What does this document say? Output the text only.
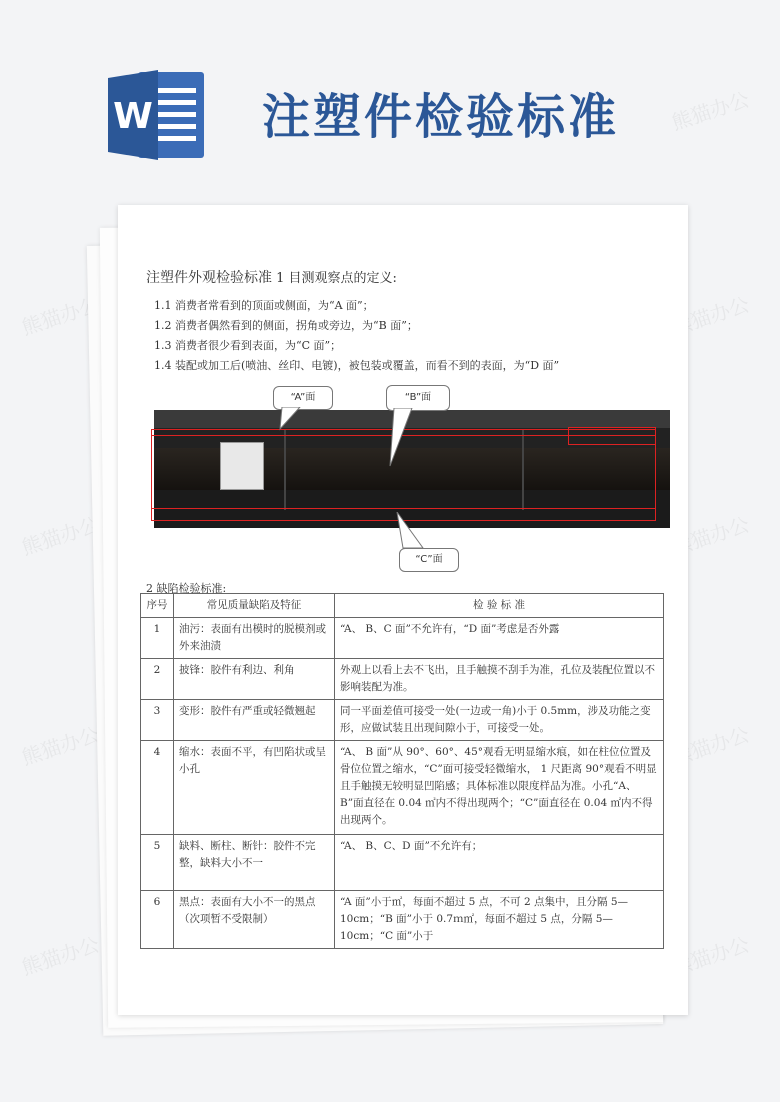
熊猫办公	熊猫办公
熊猫办公	熊猫办公
熊猫办公	熊猫办公
熊猫办公	熊猫办公
熊猫办公
W 注塑件检验标准
注塑件外观检验标准 1 目测观察点的定义:
1.1 消费者常看到的顶面或侧面，为“A 面”；
1.2 消费者偶然看到的侧面，拐角或旁边，为“B 面”；
1.3 消费者很少看到表面，为“C 面”；
1.4 装配或加工后(喷油、丝印、电镀)，被包装或覆盖，而看不到的表面，为“D 面”
“A”面	“B”面
“C”面
2 缺陷检验标准:
序号	常见质量缺陷及特征	检 验 标 准
1	油污：表面有出模时的脱模剂或外来油渍	“A、 B、C 面”不允许有，“D 面”考虑是否外露
2	披锋：胶件有利边、利角	外观上以看上去不飞出，且手触摸不刮手为准，孔位及装配位置以不影响装配为准。
3	变形：胶件有严重或轻微翘起	同一平面差值可接受一处(一边或一角)小于 0.5mm，涉及功能之变形，应做试装且出现间隙小于，可接受一处。
4	缩水：表面不平，有凹陷状或呈小孔	“A、 B 面”从 90°、60°、45°观看无明显缩水痕，如在柱位位置及骨位位置之缩水，“C”面可接受轻微缩水， 1 尺距离 90°观看不明显且手触摸无较明显凹陷感；具体标准以限度样品为准。小孔“A、B”面直径在 0.04 ㎡内不得出现两个；“C”面直径在 0.04 ㎡内不得出现两个。
5	缺料、断柱、断针：胶件不完整，缺料大小不一	“A、 B、C、D 面”不允许有；
6	黑点：表面有大小不一的黑点（次项暂不受限制）	“A 面”小于㎡，每面不超过 5 点，不可 2 点集中，且分隔 5—10cm；“B 面”小于 0.7ｍ㎡，每面不超过 5 点，分隔 5—10cm；“C 面”小于
